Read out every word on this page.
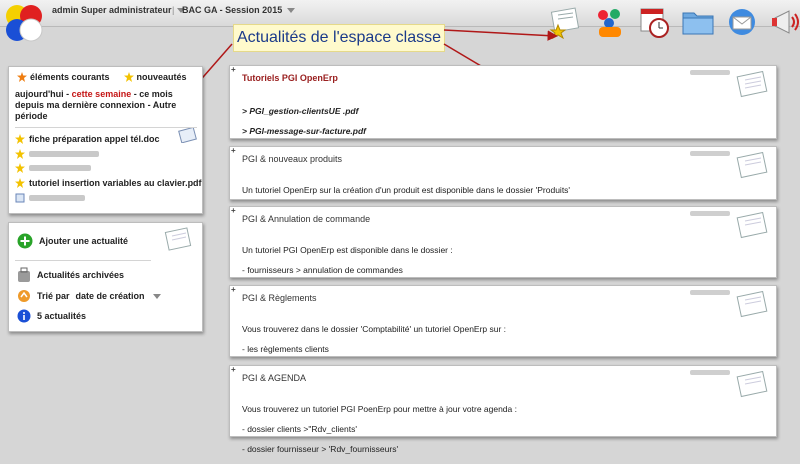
admin Super administrateur | BAC GA - Session 2015
Actualités de l'espace classe
éléments courants	nouveautés
aujourd'hui - cette semaine - ce mois
depuis ma dernière connexion - Autre
période
fiche préparation appel tél.doc
tutoriel insertion variables au clavier.pdf
Ajouter une actualité
Actualités archivées
Trié par date de création
5 actualités
+
Tutoriels PGI OpenErp

> PGI_gestion-clientsUE .pdf

> PGI-message-sur-facture.pdf

+
PGI & nouveaux produits

Un tutoriel OpenErp sur la création d'un produit est disponible dans le dossier 'Produits'

+
PGI & Annulation de commande

Un tutoriel PGI OpenErp est disponible dans le dossier :

- fournisseurs > annulation de commandes

+
PGI & Règlements

Vous trouverez dans le dossier 'Comptabilité' un tutoriel OpenErp sur :

- les règlements clients

+
PGI & AGENDA

Vous trouverez un tutoriel PGI PoenErp pour mettre à jour votre agenda :

- dossier clients >"Rdv_clients'

- dossier fournisseur > 'Rdv_fournisseurs'
